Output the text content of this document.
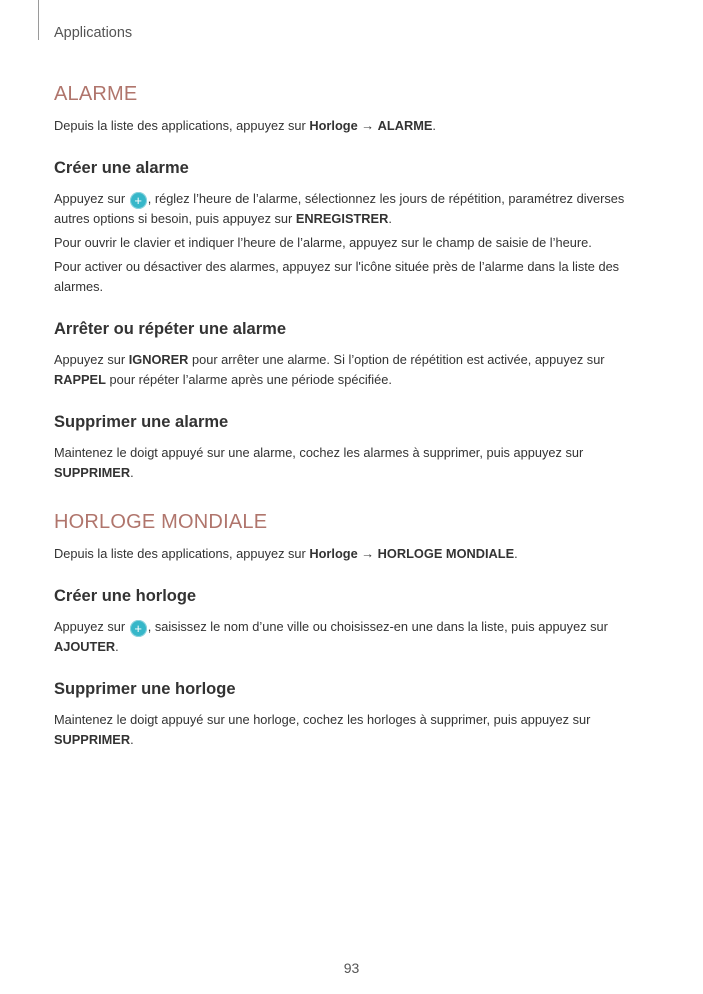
Applications
ALARME

Depuis la liste des applications, appuyez sur Horloge → ALARME.

Créer une alarme

Appuyez sur + , réglez l’heure de l’alarme, sélectionnez les jours de répétition, paramétrez diverses autres options si besoin, puis appuyez sur ENREGISTRER.

Pour ouvrir le clavier et indiquer l’heure de l’alarme, appuyez sur le champ de saisie de l’heure.

Pour activer ou désactiver des alarmes, appuyez sur l'icône située près de l’alarme dans la liste des alarmes.

Arrêter ou répéter une alarme

Appuyez sur IGNORER pour arrêter une alarme. Si l’option de répétition est activée, appuyez sur RAPPEL pour répéter l’alarme après une période spécifiée.

Supprimer une alarme

Maintenez le doigt appuyé sur une alarme, cochez les alarmes à supprimer, puis appuyez sur SUPPRIMER.

HORLOGE MONDIALE

Depuis la liste des applications, appuyez sur Horloge → HORLOGE MONDIALE.

Créer une horloge

Appuyez sur + , saisissez le nom d’une ville ou choisissez-en une dans la liste, puis appuyez sur AJOUTER.

Supprimer une horloge

Maintenez le doigt appuyé sur une horloge, cochez les horloges à supprimer, puis appuyez sur SUPPRIMER.

93
